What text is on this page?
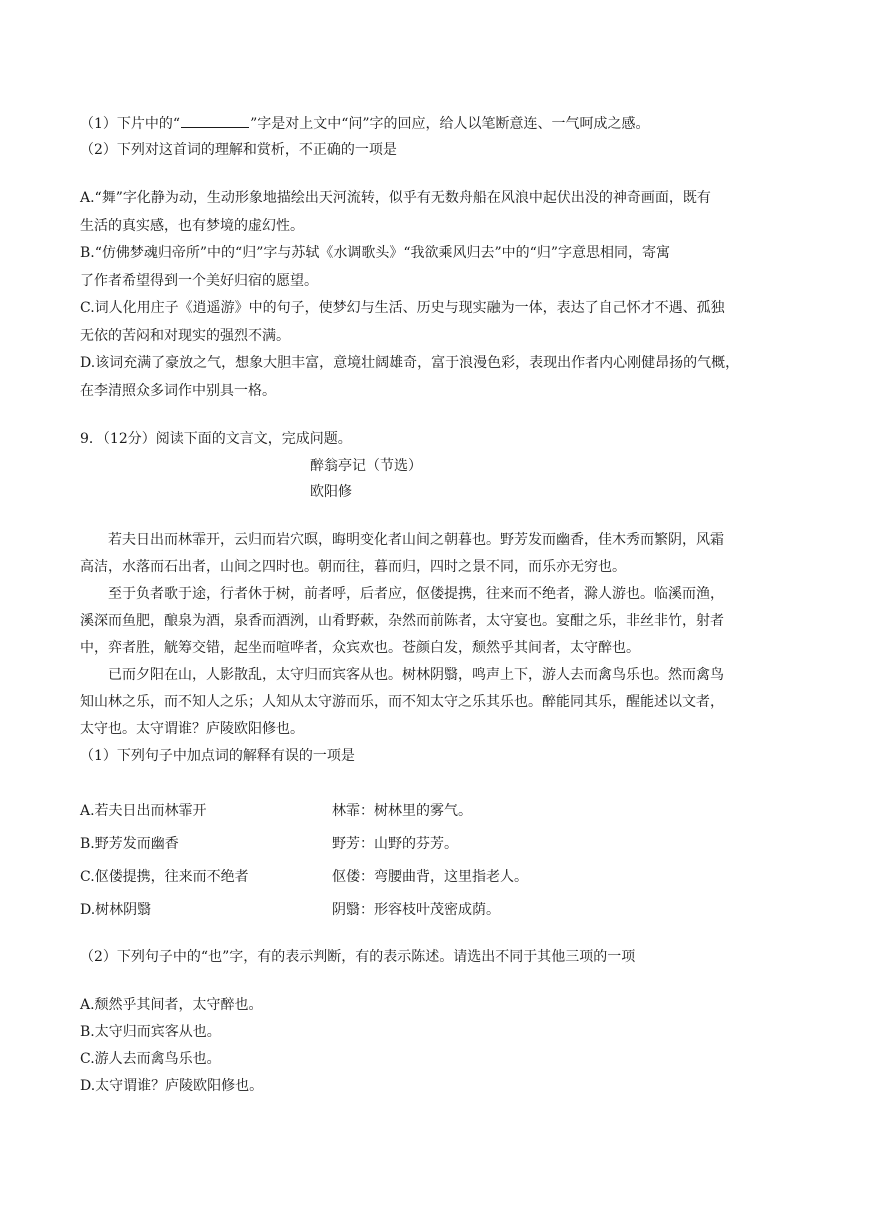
（1）下片中的“	”字是对上文中“问”字的回应，给人以笔断意连、一气呵成之感。
（2）下列对这首词的理解和赏析，不正确的一项是
A.“舞”字化静为动，生动形象地描绘出天河流转，似乎有无数舟船在风浪中起伏出没的神奇画面，既有
生活的真实感，也有梦境的虚幻性。
B.“仿佛梦魂归帝所”中的“归”字与苏轼《水调歌头》“我欲乘风归去”中的“归”字意思相同，寄寓
了作者希望得到一个美好归宿的愿望。
C.词人化用庄子《逍遥游》中的句子，使梦幻与生活、历史与现实融为一体，表达了自己怀才不遇、孤独
无依的苦闷和对现实的强烈不满。
D.该词充满了豪放之气，想象大胆丰富，意境壮阔雄奇，富于浪漫色彩，表现出作者内心刚健昂扬的气概，
在李清照众多词作中别具一格。
9．（12分）阅读下面的文言文，完成问题。
醉翁亭记（节选）
欧阳修
若夫日出而林霏开，云归而岩穴暝，晦明变化者山间之朝暮也。野芳发而幽香，佳木秀而繁阴，风霜
高洁，水落而石出者，山间之四时也。朝而往，暮而归，四时之景不同，而乐亦无穷也。
至于负者歌于途，行者休于树，前者呼，后者应，伛偻提携，往来而不绝者，滁人游也。临溪而渔，
溪深而鱼肥，酿泉为酒，泉香而酒洌，山肴野蔌，杂然而前陈者，太守宴也。宴酣之乐，非丝非竹，射者
中，弈者胜，觥筹交错，起坐而喧哗者，众宾欢也。苍颜白发，颓然乎其间者，太守醉也。
已而夕阳在山，人影散乱，太守归而宾客从也。树林阴翳，鸣声上下，游人去而禽鸟乐也。然而禽鸟
知山林之乐，而不知人之乐；人知从太守游而乐，而不知太守之乐其乐也。醉能同其乐，醒能述以文者，
太守也。太守谓谁？庐陵欧阳修也。
（1）下列句子中加点词的解释有误的一项是
A.若夫日出而林霏开	林霏：树林里的雾气。
B.野芳发而幽香	野芳：山野的芬芳。
C.伛偻提携，往来而不绝者	伛偻：弯腰曲背，这里指老人。
D.树林阴翳	阴翳：形容枝叶茂密成荫。
（2）下列句子中的“也”字，有的表示判断，有的表示陈述。请选出不同于其他三项的一项
A.颓然乎其间者，太守醉也。
B.太守归而宾客从也。
C.游人去而禽鸟乐也。
D.太守谓谁？庐陵欧阳修也。
